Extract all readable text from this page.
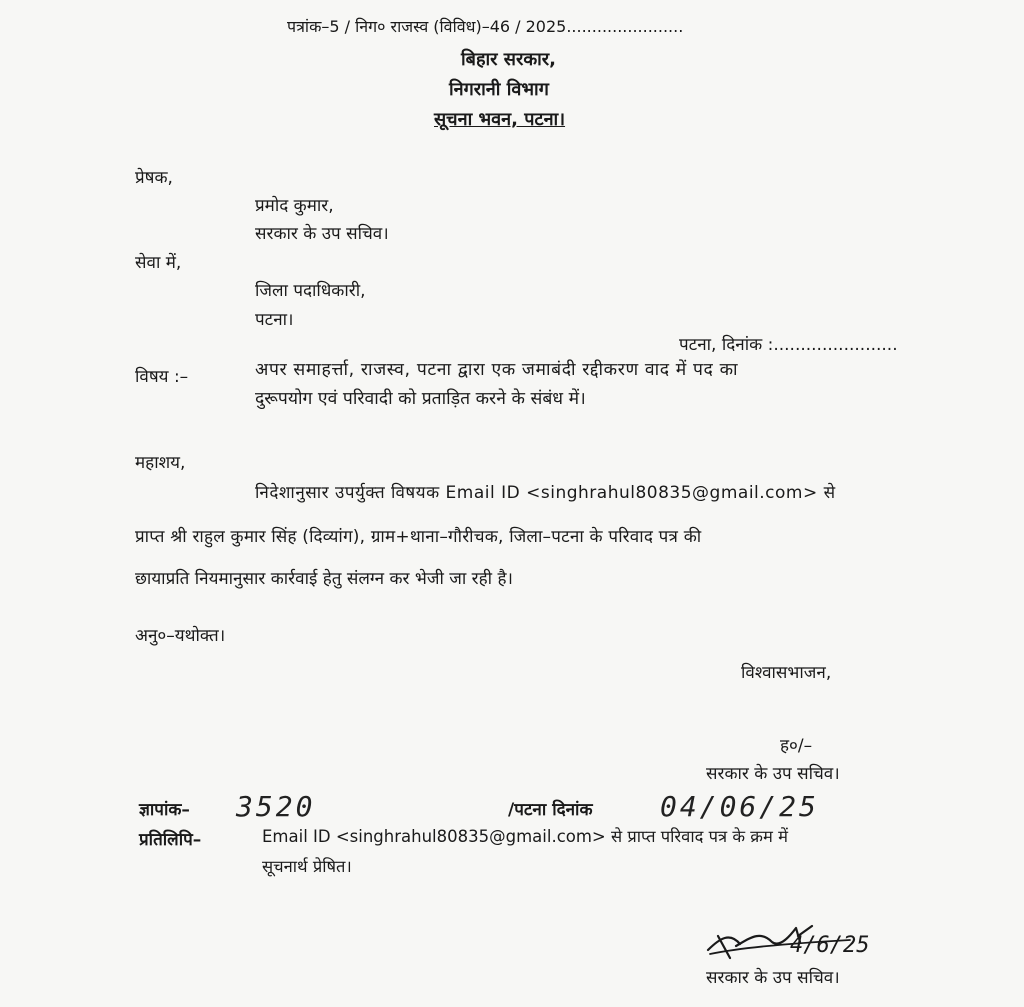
पत्रांक–5 / निग० राजस्व (विविध)–46 / 2025.......................
बिहार सरकार,
निगरानी विभाग
सूचना भवन, पटना।
प्रेषक,
प्रमोद कुमार,
सरकार के उप सचिव।
सेवा में,
जिला पदाधिकारी,
पटना।
पटना, दिनांक :.......................
विषय :–	अपर समाहर्त्ता, राजस्व, पटना द्वारा एक जमाबंदी रद्दीकरण वाद में पद का
दुरूपयोग एवं परिवादी को प्रताड़ित करने के संबंध में।
महाशय,
निदेशानुसार उपर्युक्त विषयक Email ID <singhrahul80835@gmail.com> से
प्राप्त श्री राहुल कुमार सिंह (दिव्यांग), ग्राम+थाना–गौरीचक, जिला–पटना के परिवाद पत्र की
छायाप्रति नियमानुसार कार्रवाई हेतु संलग्न कर भेजी जा रही है।
अनु०–यथोक्त।
विश्वासभाजन,
ह०/–
सरकार के उप सचिव।
ज्ञापांक– 3520	/पटना दिनांक 04/06/25
प्रतिलिपि–	Email ID <singhrahul80835@gmail.com> से प्राप्त परिवाद पत्र के क्रम में
सूचनार्थ प्रेषित।
4/6/25
सरकार के उप सचिव।
